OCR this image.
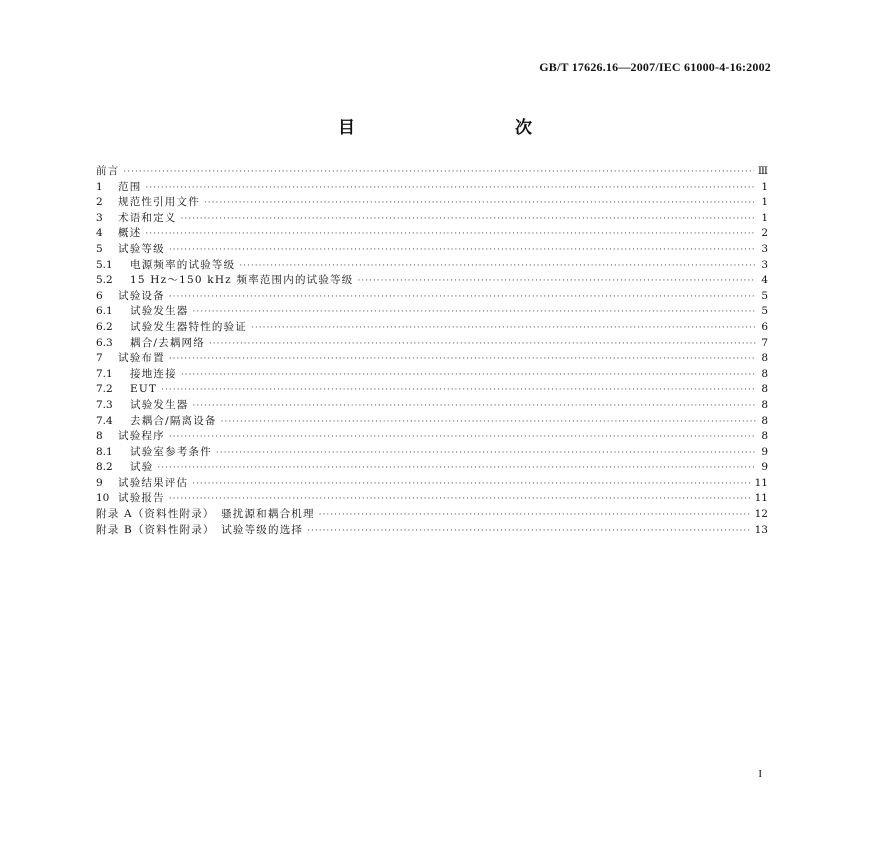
GB/T 17626.16—2007/IEC 61000-4-16:2002
目　　次
前言 ·····	Ⅲ
1	范围 ·····	1
2	规范性引用文件 ·····	1
3	术语和定义 ·····	1
4	概述 ·····	2
5	试验等级 ·····	3
5.1	电源频率的试验等级 ·····	3
5.2	15 Hz～150 kHz 频率范围内的试验等级 ·····	4
6	试验设备 ·····	5
6.1	试验发生器 ·····	5
6.2	试验发生器特性的验证 ·····	6
6.3	耦合/去耦网络 ·····	7
7	试验布置 ·····	8
7.1	接地连接 ·····	8
7.2	EUT ·····	8
7.3	试验发生器 ·····	8
7.4	去耦合/隔离设备 ·····	8
8	试验程序 ·····	8
8.1	试验室参考条件 ·····	9
8.2	试验 ·····	9
9	试验结果评估 ·····	11
10 试验报告 ·····	11
附录 A（资料性附录）　骚扰源和耦合机理 ·····	12
附录 B（资料性附录）　试验等级的选择 ·····	13
I
